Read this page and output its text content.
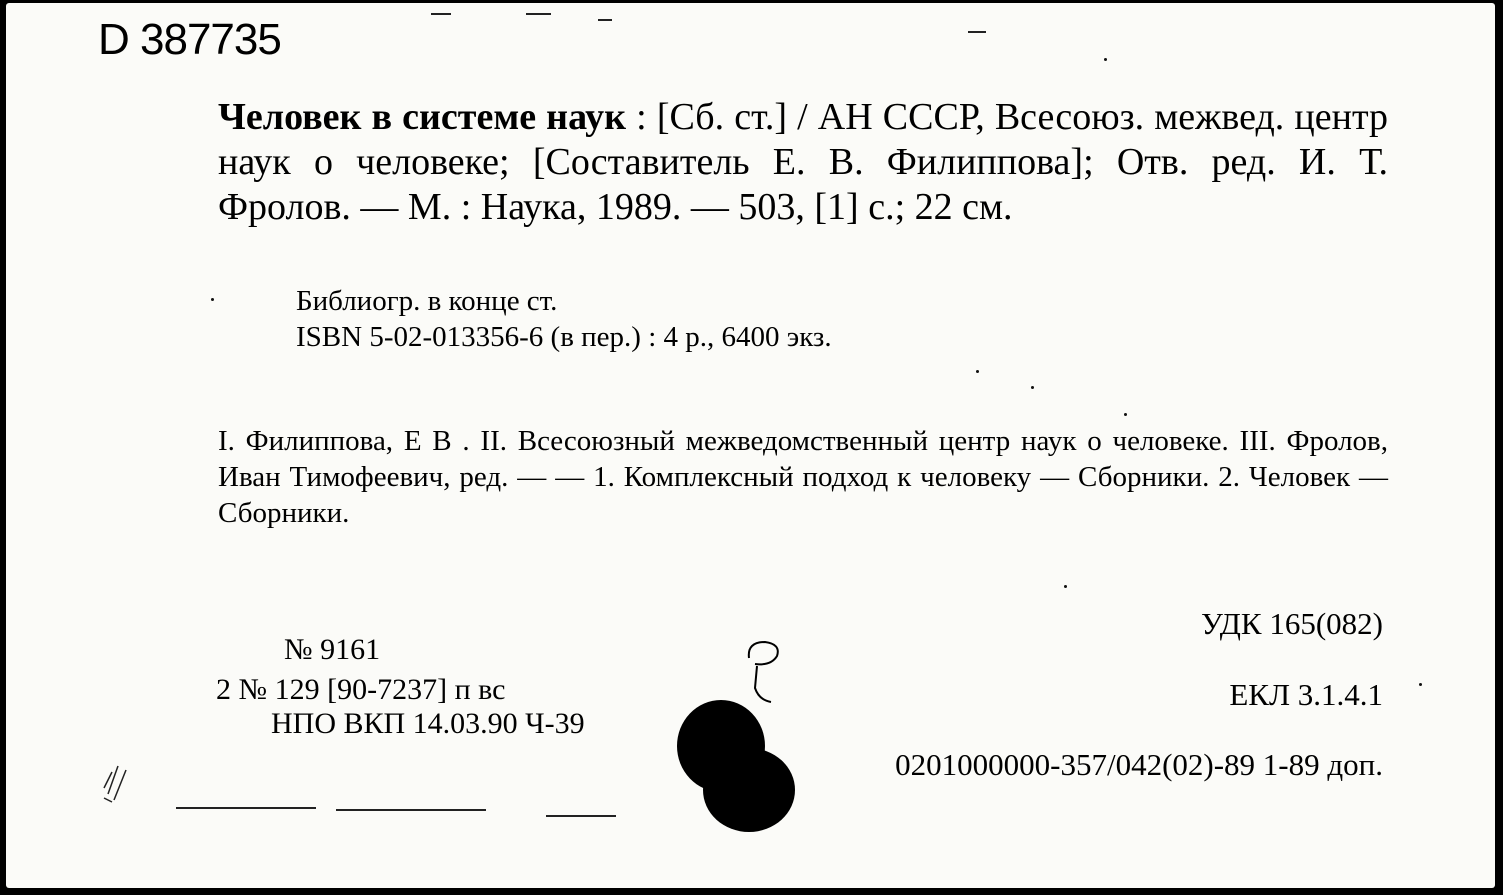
D 387735
Человек в системе наук : [Сб. ст.] / АН СССР, Всесоюз. межвед. центр наук о человеке; [Составитель Е. В. Филиппова]; Отв. ред. И. Т. Фролов. — М. : Наука, 1989. — 503, [1] с.; 22 см.
Библиогр. в конце ст.
ISBN 5-02-013356-6 (в пер.) : 4 р., 6400 экз.
I. Филиппова, Е В . II. Всесоюзный межведомственный центр наук о человеке. III. Фролов, Иван Тимофеевич, ред. — — 1. Комплексный подход к человеку — Сборники. 2. Человек — Сборники.
УДК 165(082)
ЕКЛ 3.1.4.1
№ 9161
2 № 129 [90-7237] п вс
НПО ВКП 14.03.90 Ч-39
0201000000-357/042(02)-89 1-89 доп.
